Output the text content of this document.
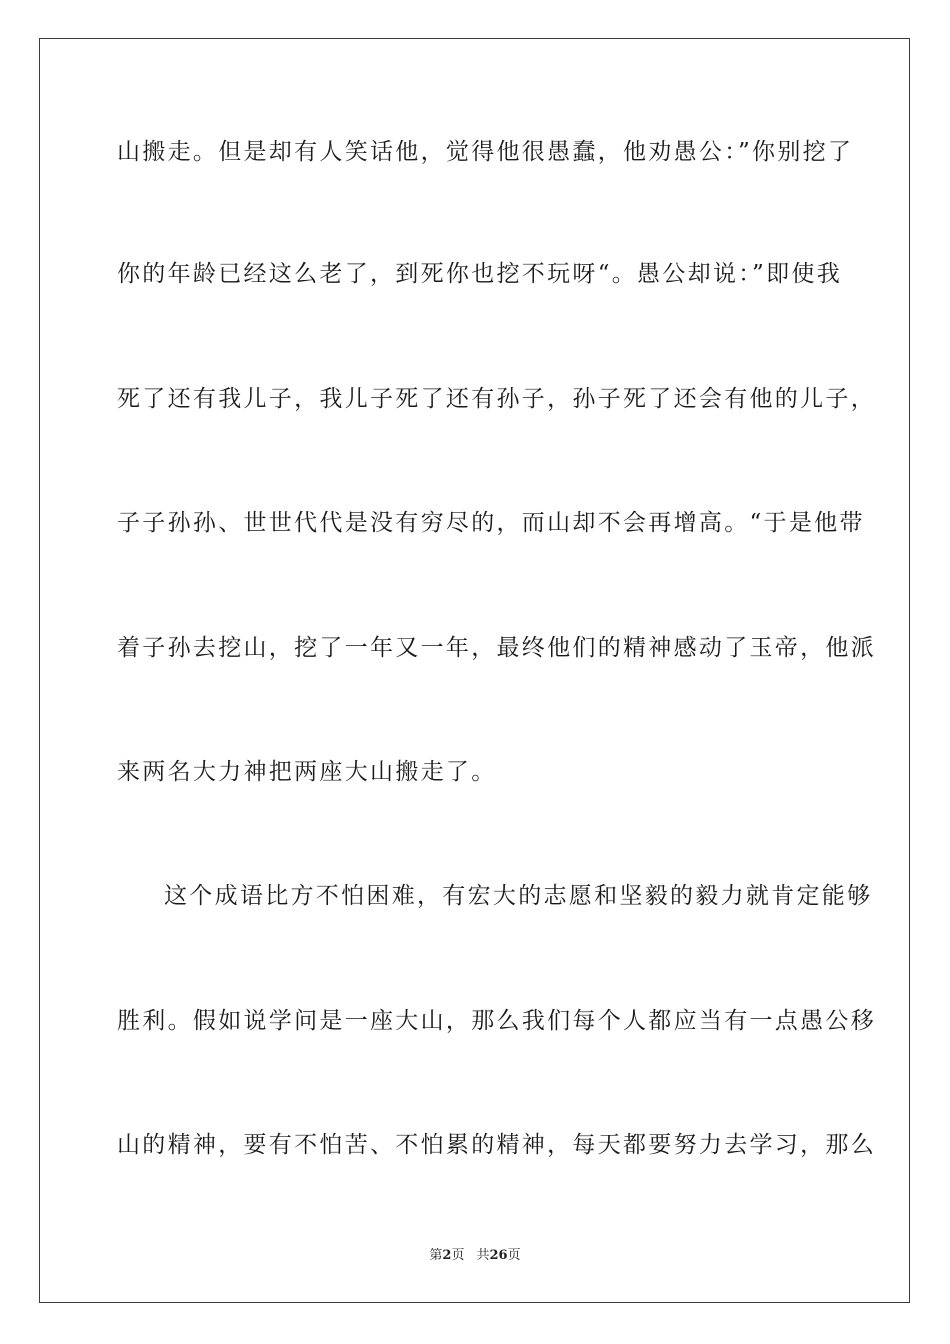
山搬走。但是却有人笑话他，觉得他很愚蠢，他劝愚公：”你别挖了
你的年龄已经这么老了，到死你也挖不玩呀“。愚公却说：”即使我
死了还有我儿子，我儿子死了还有孙子，孙子死了还会有他的儿子，
子子孙孙、世世代代是没有穷尽的，而山却不会再增高。“于是他带
着子孙去挖山，挖了一年又一年，最终他们的精神感动了玉帝，他派
来两名大力神把两座大山搬走了。
这个成语比方不怕困难，有宏大的志愿和坚毅的毅力就肯定能够
胜利。假如说学问是一座大山，那么我们每个人都应当有一点愚公移
山的精神，要有不怕苦、不怕累的精神，每天都要努力去学习，那么
第2页 共26页
